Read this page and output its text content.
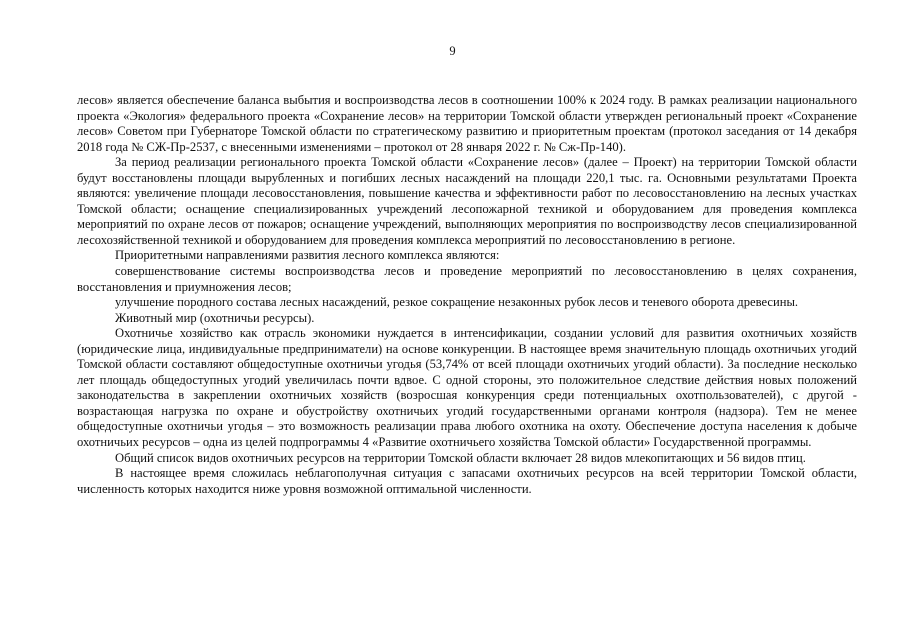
9

лесов» является обеспечение баланса выбытия и воспроизводства лесов в соотношении 100% к 2024 году. В рамках реализации национального проекта «Экология» федерального проекта «Сохранение лесов» на территории Томской области утвержден региональный проект «Сохранение лесов» Советом при Губернаторе Томской области по стратегическому развитию и приоритетным проектам (протокол заседания от 14 декабря 2018 года № СЖ-Пр-2537, с внесенными изменениями – протокол от 28 января 2022 г. № Сж-Пр-140).

За период реализации регионального проекта Томской области «Сохранение лесов» (далее – Проект) на территории Томской области будут восстановлены площади вырубленных и погибших лесных насаждений на площади 220,1 тыс. га. Основными результатами Проекта являются: увеличение площади лесовосстановления, повышение качества и эффективности работ по лесовосстановлению на лесных участках Томской области; оснащение специализированных учреждений лесопожарной техникой и оборудованием для проведения комплекса мероприятий по охране лесов от пожаров; оснащение учреждений, выполняющих мероприятия по воспроизводству лесов специализированной лесохозяйственной техникой и оборудованием для проведения комплекса мероприятий по лесовосстановлению в регионе.

Приоритетными направлениями развития лесного комплекса являются:

совершенствование системы воспроизводства лесов и проведение мероприятий по лесовосстановлению в целях сохранения, восстановления и приумножения лесов;

улучшение породного состава лесных насаждений, резкое сокращение незаконных рубок лесов и теневого оборота древесины.

Животный мир (охотничьи ресурсы).

Охотничье хозяйство как отрасль экономики нуждается в интенсификации, создании условий для развития охотничьих хозяйств (юридические лица, индивидуальные предприниматели) на основе конкуренции. В настоящее время значительную площадь охотничьих угодий Томской области составляют общедоступные охотничьи угодья (53,74% от всей площади охотничьих угодий области). За последние несколько лет площадь общедоступных угодий увеличилась почти вдвое. С одной стороны, это положительное следствие действия новых положений законодательства в закреплении охотничьих хозяйств (возросшая конкуренция среди потенциальных охотпользователей), с другой - возрастающая нагрузка по охране и обустройству охотничьих угодий государственными органами контроля (надзора). Тем не менее общедоступные охотничьи угодья – это возможность реализации права любого охотника на охоту. Обеспечение доступа населения к добыче охотничьих ресурсов – одна из целей подпрограммы 4 «Развитие охотничьего хозяйства Томской области» Государственной программы.

Общий список видов охотничьих ресурсов на территории Томской области включает 28 видов млекопитающих и 56 видов птиц.

В настоящее время сложилась неблагополучная ситуация с запасами охотничьих ресурсов на всей территории Томской области, численность которых находится ниже уровня возможной оптимальной численности.
